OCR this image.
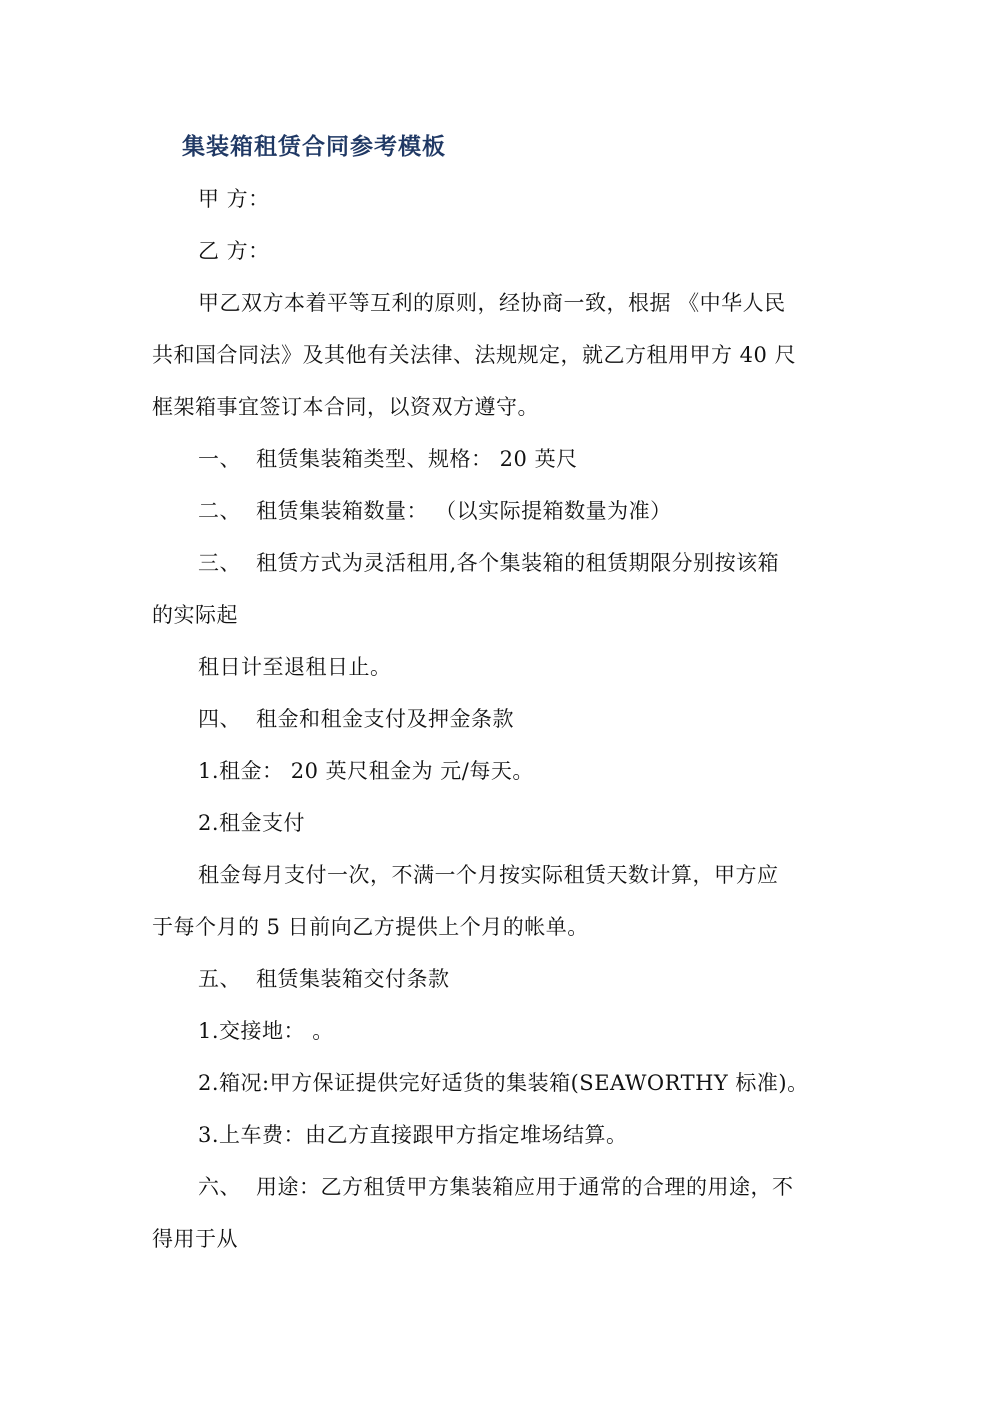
集装箱租赁合同参考模板
甲 方：
乙 方：
甲乙双方本着平等互利的原则，经协商一致，根据 《中华人民
共和国合同法》及其他有关法律、法规规定，就乙方租用甲方 40 尺
框架箱事宜签订本合同，以资双方遵守。
一、 租赁集装箱类型、规格： 20 英尺
二、 租赁集装箱数量： （以实际提箱数量为准）
三、 租赁方式为灵活租用,各个集装箱的租赁期限分别按该箱
的实际起
租日计至退租日止。
四、 租金和租金支付及押金条款
1.租金： 20 英尺租金为 元/每天。
2.租金支付
租金每月支付一次，不满一个月按实际租赁天数计算，甲方应
于每个月的 5 日前向乙方提供上个月的帐单。
五、 租赁集装箱交付条款
1.交接地： 。
2.箱况:甲方保证提供完好适货的集装箱(SEAWORTHY 标准)。
3.上车费：由乙方直接跟甲方指定堆场结算。
六、 用途：乙方租赁甲方集装箱应用于通常的合理的用途，不
得用于从
